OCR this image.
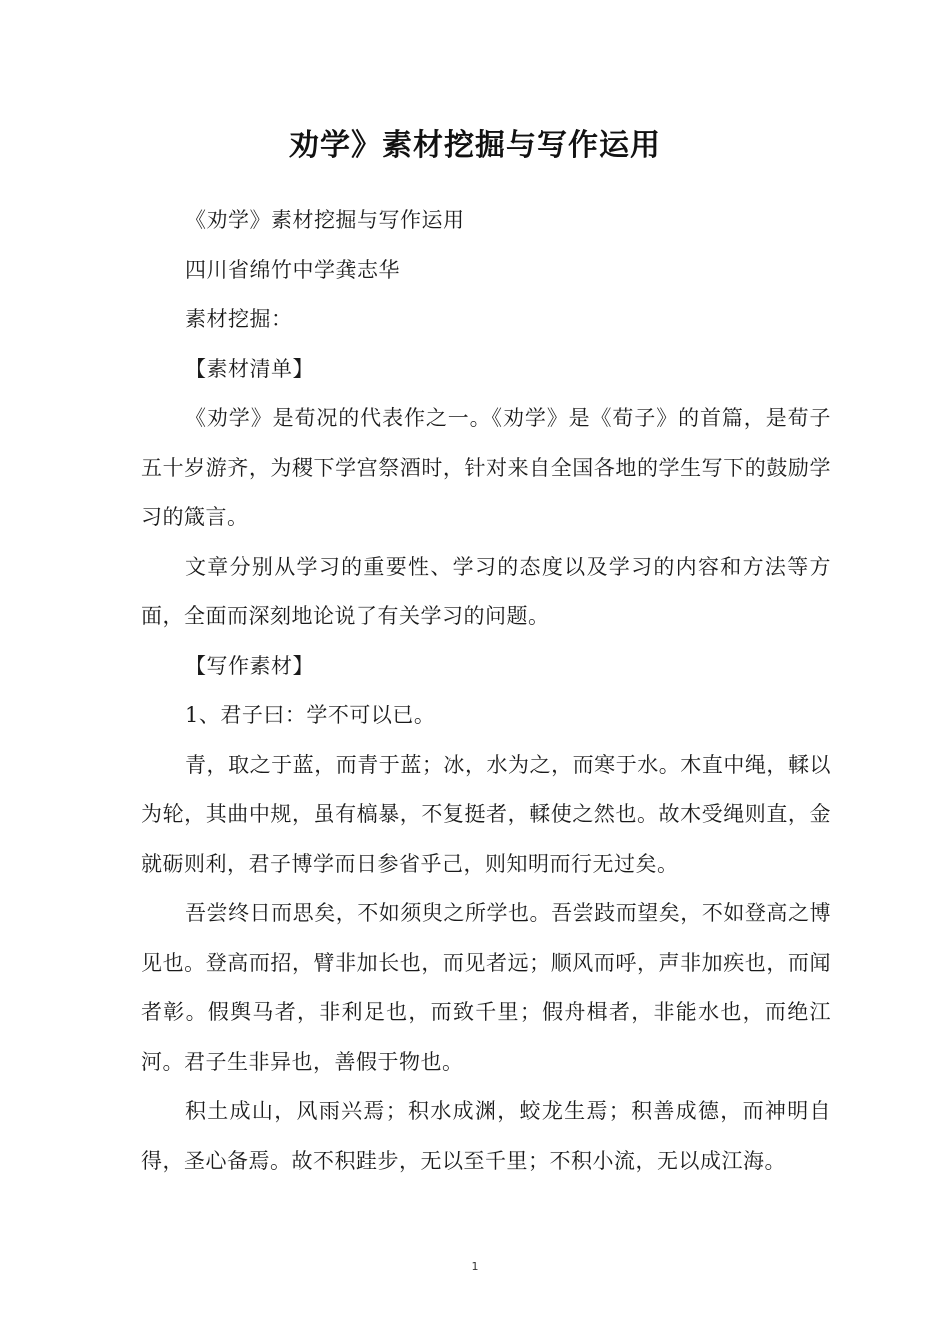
劝学》素材挖掘与写作运用

《劝学》素材挖掘与写作运用

四川省绵竹中学龚志华

素材挖掘：

【素材清单】

《劝学》是荀况的代表作之一。《劝学》是《荀子》的首篇，是荀子五十岁游齐，为稷下学宫祭酒时，针对来自全国各地的学生写下的鼓励学习的箴言。

文章分别从学习的重要性、学习的态度以及学习的内容和方法等方面，全面而深刻地论说了有关学习的问题。

【写作素材】

1、君子曰：学不可以已。

青，取之于蓝，而青于蓝；冰，水为之，而寒于水。木直中绳，輮以为轮，其曲中规，虽有槁暴，不复挺者，輮使之然也。故木受绳则直，金就砺则利，君子博学而日参省乎己，则知明而行无过矣。

吾尝终日而思矣，不如须臾之所学也。吾尝跂而望矣，不如登高之博见也。登高而招，臂非加长也，而见者远；顺风而呼，声非加疾也，而闻者彰。假舆马者，非利足也，而致千里；假舟楫者，非能水也，而绝江河。君子生非异也，善假于物也。

积土成山，风雨兴焉；积水成渊，蛟龙生焉；积善成德，而神明自得，圣心备焉。故不积跬步，无以至千里；不积小流，无以成江海。

1
